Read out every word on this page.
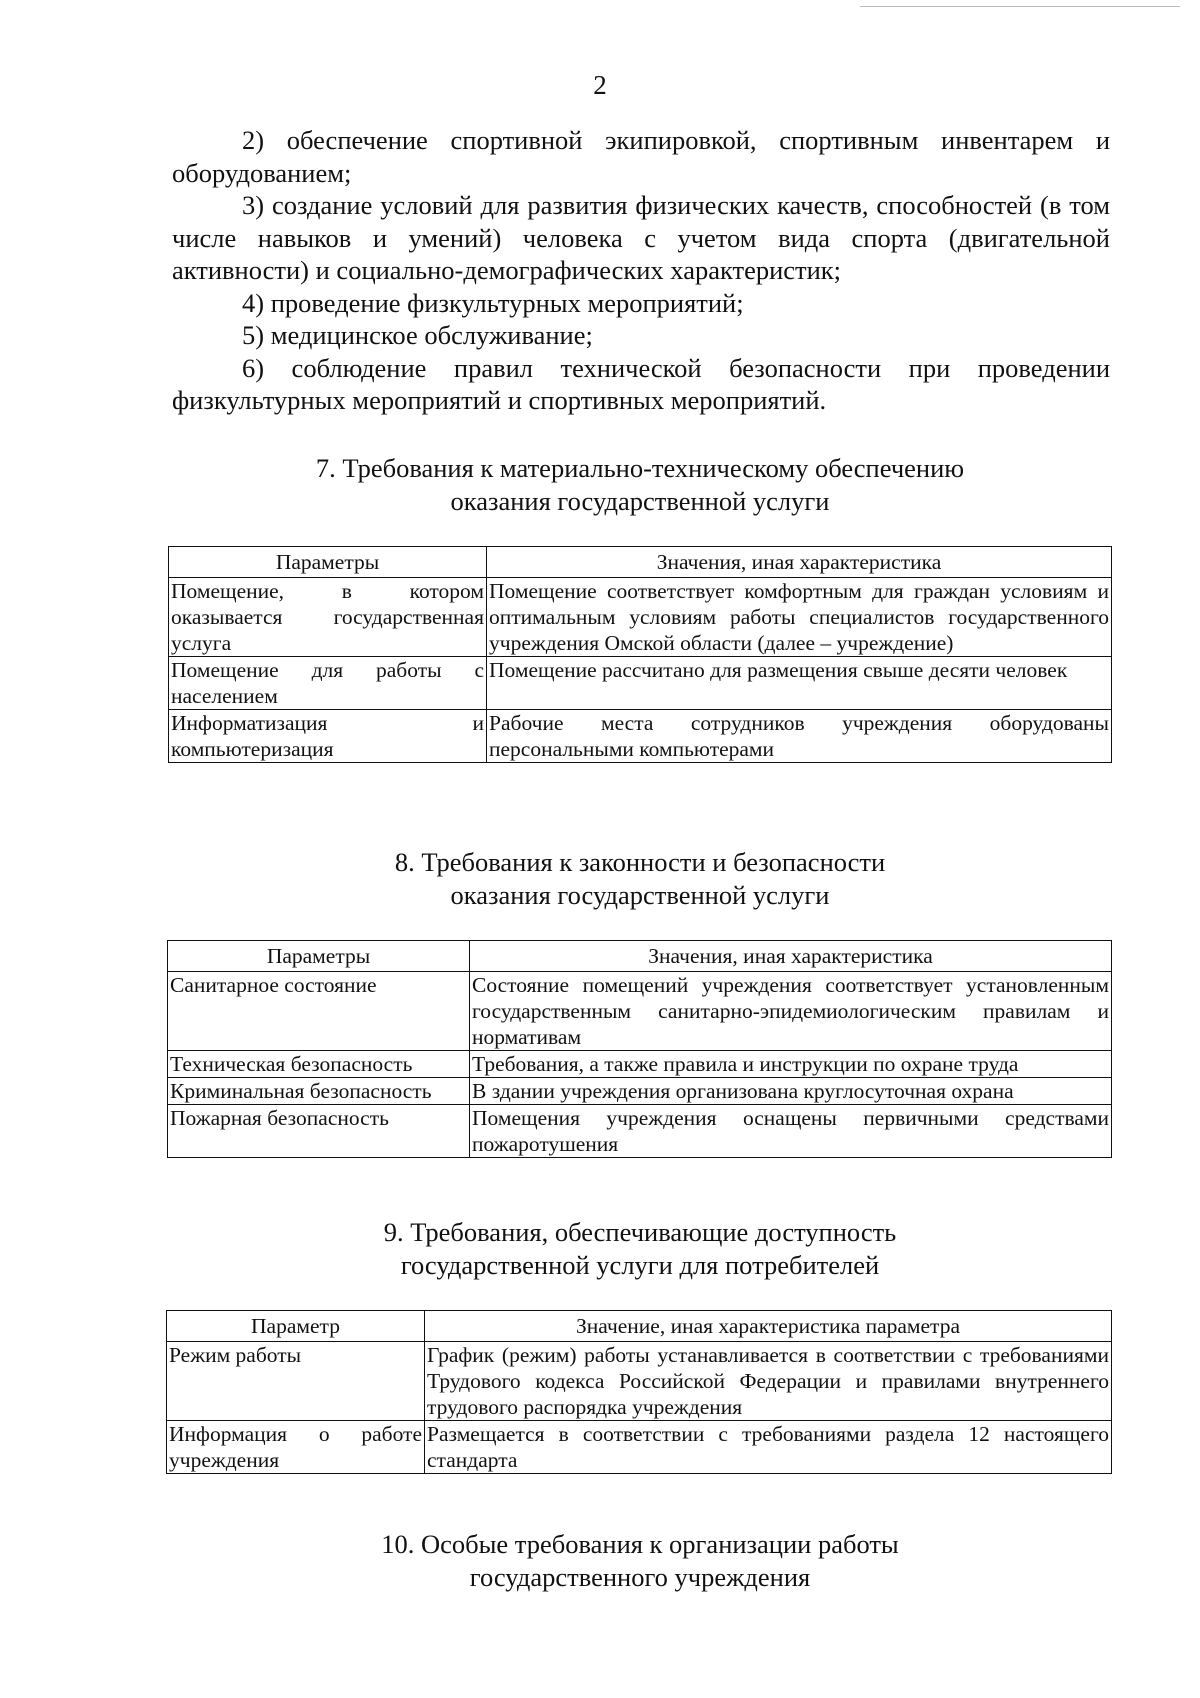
2

2) обеспечение спортивной экипировкой, спортивным инвентарем и оборудованием;

3) создание условий для развития физических качеств, способностей (в том числе навыков и умений) человека с учетом вида спорта (двигательной активности) и социально-демографических характеристик;

4) проведение физкультурных мероприятий;

5) медицинское обслуживание;

6) соблюдение правил технической безопасности при проведении физкультурных мероприятий и спортивных мероприятий.

7. Требования к материально-техническому обеспечению
оказания государственной услуги
Параметры	Значения, иная характеристика
Помещение, в котором оказывается государственная услуга	Помещение соответствует комфортным для граждан условиям и оптимальным условиям работы специалистов государственного учреждения Омской области (далее – учреждение)
Помещение для работы с населением	Помещение рассчитано для размещения свыше десяти человек
Информатизация и компьютеризация	Рабочие места сотрудников учреждения оборудованы персональными компьютерами
8. Требования к законности и безопасности
оказания государственной услуги
Параметры	Значения, иная характеристика
Санитарное состояние	Состояние помещений учреждения соответствует установленным государственным санитарно-эпидемиологическим правилам и нормативам
Техническая безопасность	Требования, а также правила и инструкции по охране труда
Криминальная безопасность	В здании учреждения организована круглосуточная охрана
Пожарная безопасность	Помещения учреждения оснащены первичными средствами пожаротушения
9. Требования, обеспечивающие доступность
государственной услуги для потребителей
Параметр	Значение, иная характеристика параметра
Режим работы	График (режим) работы устанавливается в соответствии с требованиями Трудового кодекса Российской Федерации и правилами внутреннего трудового распорядка учреждения
Информация о работе учреждения	Размещается в соответствии с требованиями раздела 12 настоящего стандарта
10. Особые требования к организации работы
государственного учреждения
